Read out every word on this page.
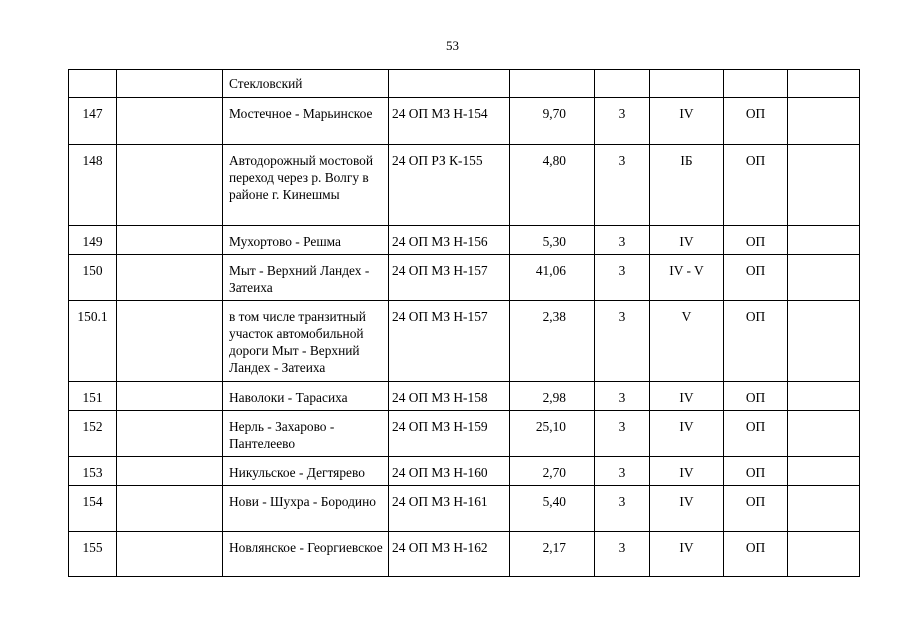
53
		Стекловский						
147		Мостечное - Марьинское	24 ОП МЗ Н-154	9,70	3	IV	ОП	
148		Автодорожный мостовой переход через р. Волгу в районе г. Кинешмы	24 ОП РЗ К-155	4,80	3	IБ	ОП	
149		Мухортово - Решма	24 ОП МЗ Н-156	5,30	3	IV	ОП	
150		Мыт - Верхний Ландех - Затеиха	24 ОП МЗ Н-157	41,06	3	IV - V	ОП	
150.1		в том числе транзитный участок автомобильной дороги Мыт - Верхний Ландех - Затеиха	24 ОП МЗ Н-157	2,38	3	V	ОП	
151		Наволоки - Тарасиха	24 ОП МЗ Н-158	2,98	3	IV	ОП	
152		Нерль - Захарово - Пантелеево	24 ОП МЗ Н-159	25,10	3	IV	ОП	
153		Никульское - Дегтярево	24 ОП МЗ Н-160	2,70	3	IV	ОП	
154		Нови - Шухра - Бородино	24 ОП МЗ Н-161	5,40	3	IV	ОП	
155		Новлянское - Георгиевское	24 ОП МЗ Н-162	2,17	3	IV	ОП	
